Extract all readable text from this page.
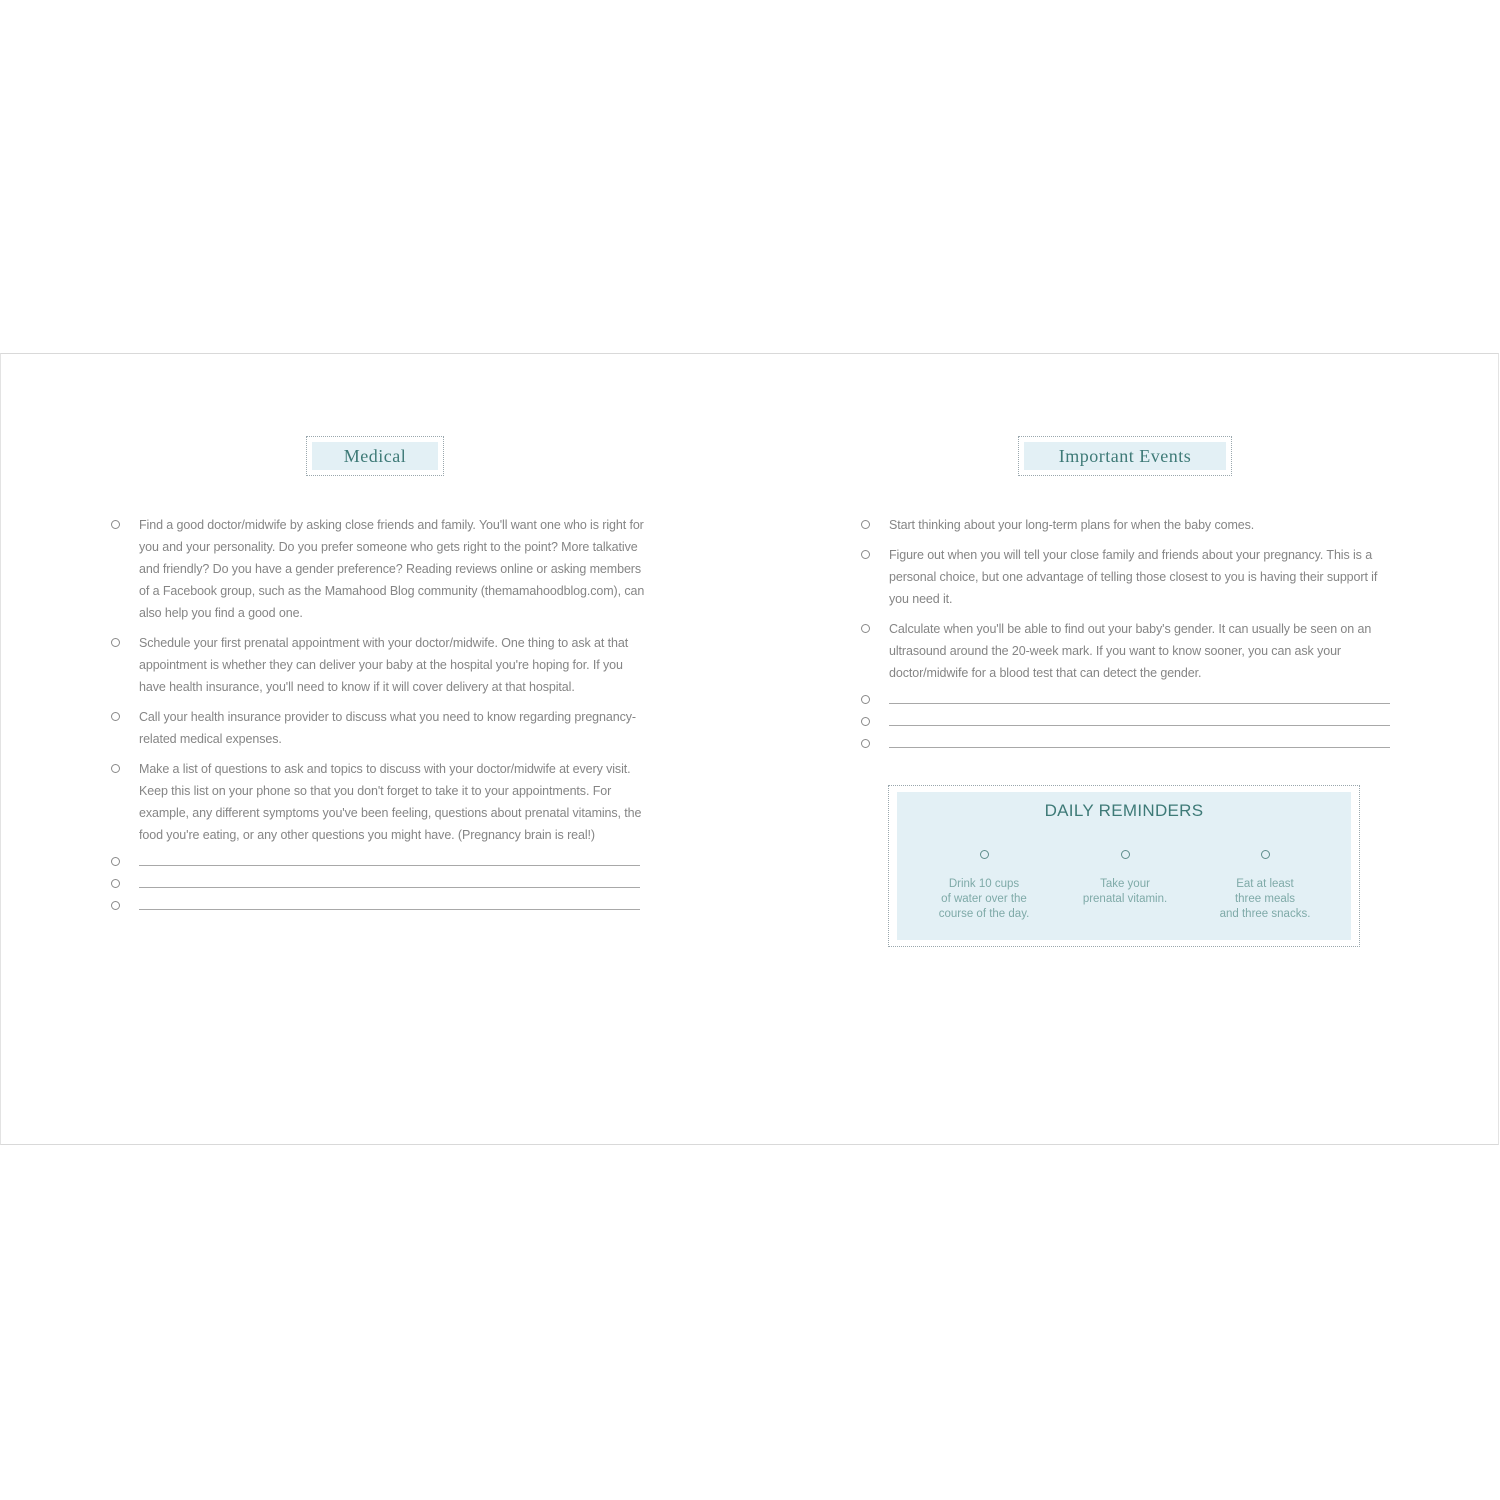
Medical
Find a good doctor/midwife by asking close friends and family. You'll want one who is right for you and your personality. Do you prefer someone who gets right to the point? More talkative and friendly? Do you have a gender preference? Reading reviews online or asking members of a Facebook group, such as the Mamahood Blog community (themamahoodblog.com), can also help you find a good one.
Schedule your first prenatal appointment with your doctor/midwife. One thing to ask at that appointment is whether they can deliver your baby at the hospital you're hoping for. If you have health insurance, you'll need to know if it will cover delivery at that hospital.
Call your health insurance provider to discuss what you need to know regarding pregnancy-related medical expenses.
Make a list of questions to ask and topics to discuss with your doctor/midwife at every visit. Keep this list on your phone so that you don't forget to take it to your appointments. For example, any different symptoms you've been feeling, questions about prenatal vitamins, the food you're eating, or any other questions you might have. (Pregnancy brain is real!)
Important Events
Start thinking about your long-term plans for when the baby comes.
Figure out when you will tell your close family and friends about your pregnancy. This is a personal choice, but one advantage of telling those closest to you is having their support if you need it.
Calculate when you'll be able to find out your baby's gender. It can usually be seen on an ultrasound around the 20-week mark. If you want to know sooner, you can ask your doctor/midwife for a blood test that can detect the gender.
DAILY REMINDERS
Drink 10 cups
of water over the
course of the day.
Take your
prenatal vitamin.
Eat at least
three meals
and three snacks.
